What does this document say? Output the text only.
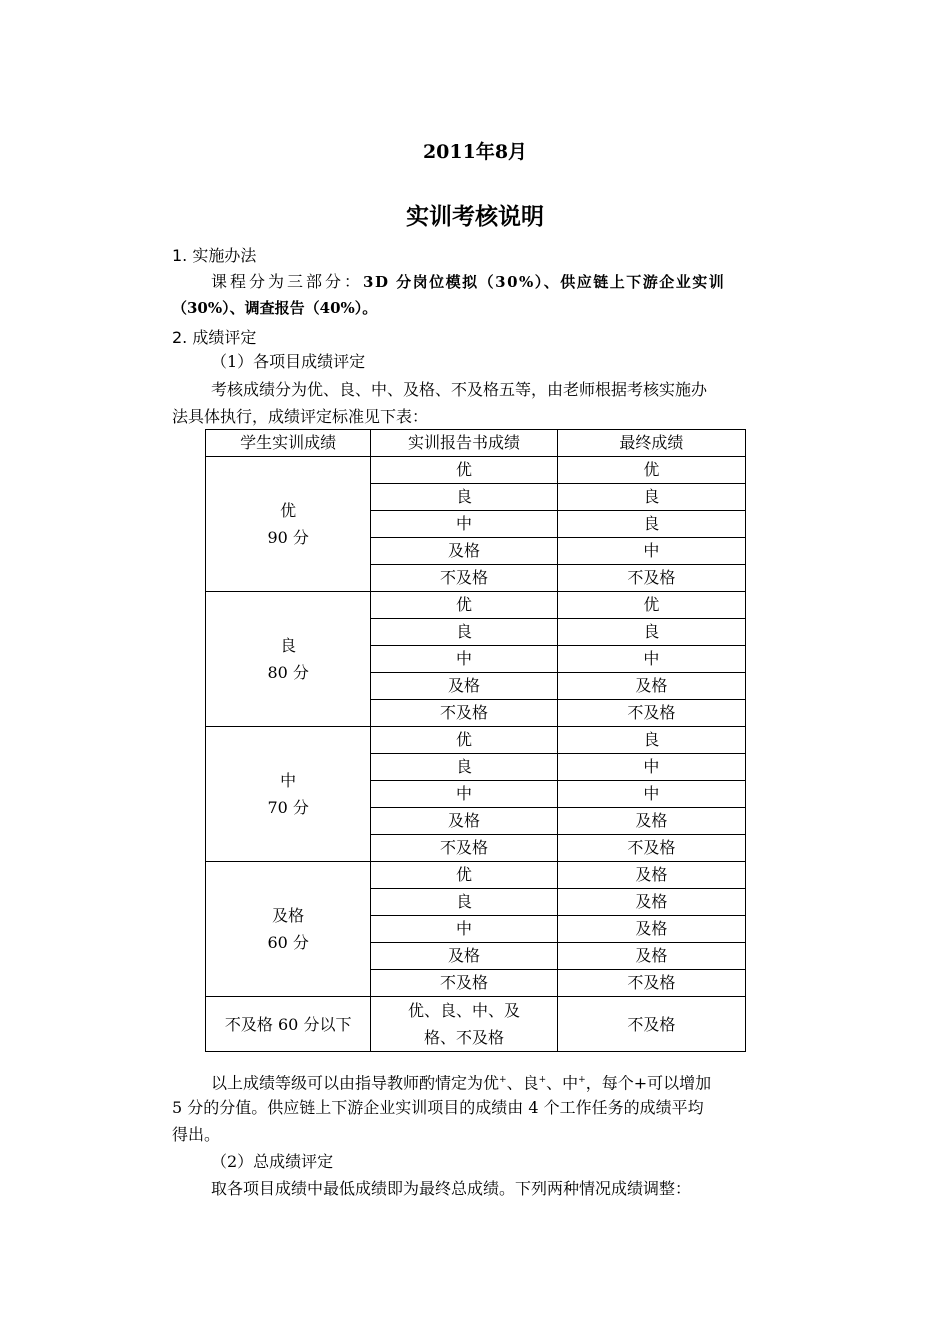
2011年8月
实训考核说明
1. 实施办法
课程分为三部分：3D 分岗位模拟（30%）、供应链上下游企业实训
（30%）、调查报告（40%）。
2. 成绩评定
（1）各项目成绩评定
考核成绩分为优、良、中、及格、不及格五等，由老师根据考核实施办
法具体执行，成绩评定标准见下表：
学生实训成绩	实训报告书成绩	最终成绩

优
90 分	优	优
	良	良
	中	良
	及格	中
	不及格	不及格

良
80 分	优	优
	良	良
	中	中
	及格	及格
	不及格	不及格

中
70 分	优	良
	良	中
	中	中
	及格	及格
	不及格	不及格

及格
60 分	优	及格
	良	及格
	中	及格
	及格	及格
	不及格	不及格
不及格 60 分以下	优、良、中、及
格、不及格	不及格
以上成绩等级可以由指导教师酌情定为优+、良+、中+，每个+可以增加
5 分的分值。供应链上下游企业实训项目的成绩由 4 个工作任务的成绩平均
得出。
（2）总成绩评定
取各项目成绩中最低成绩即为最终总成绩。下列两种情况成绩调整：
